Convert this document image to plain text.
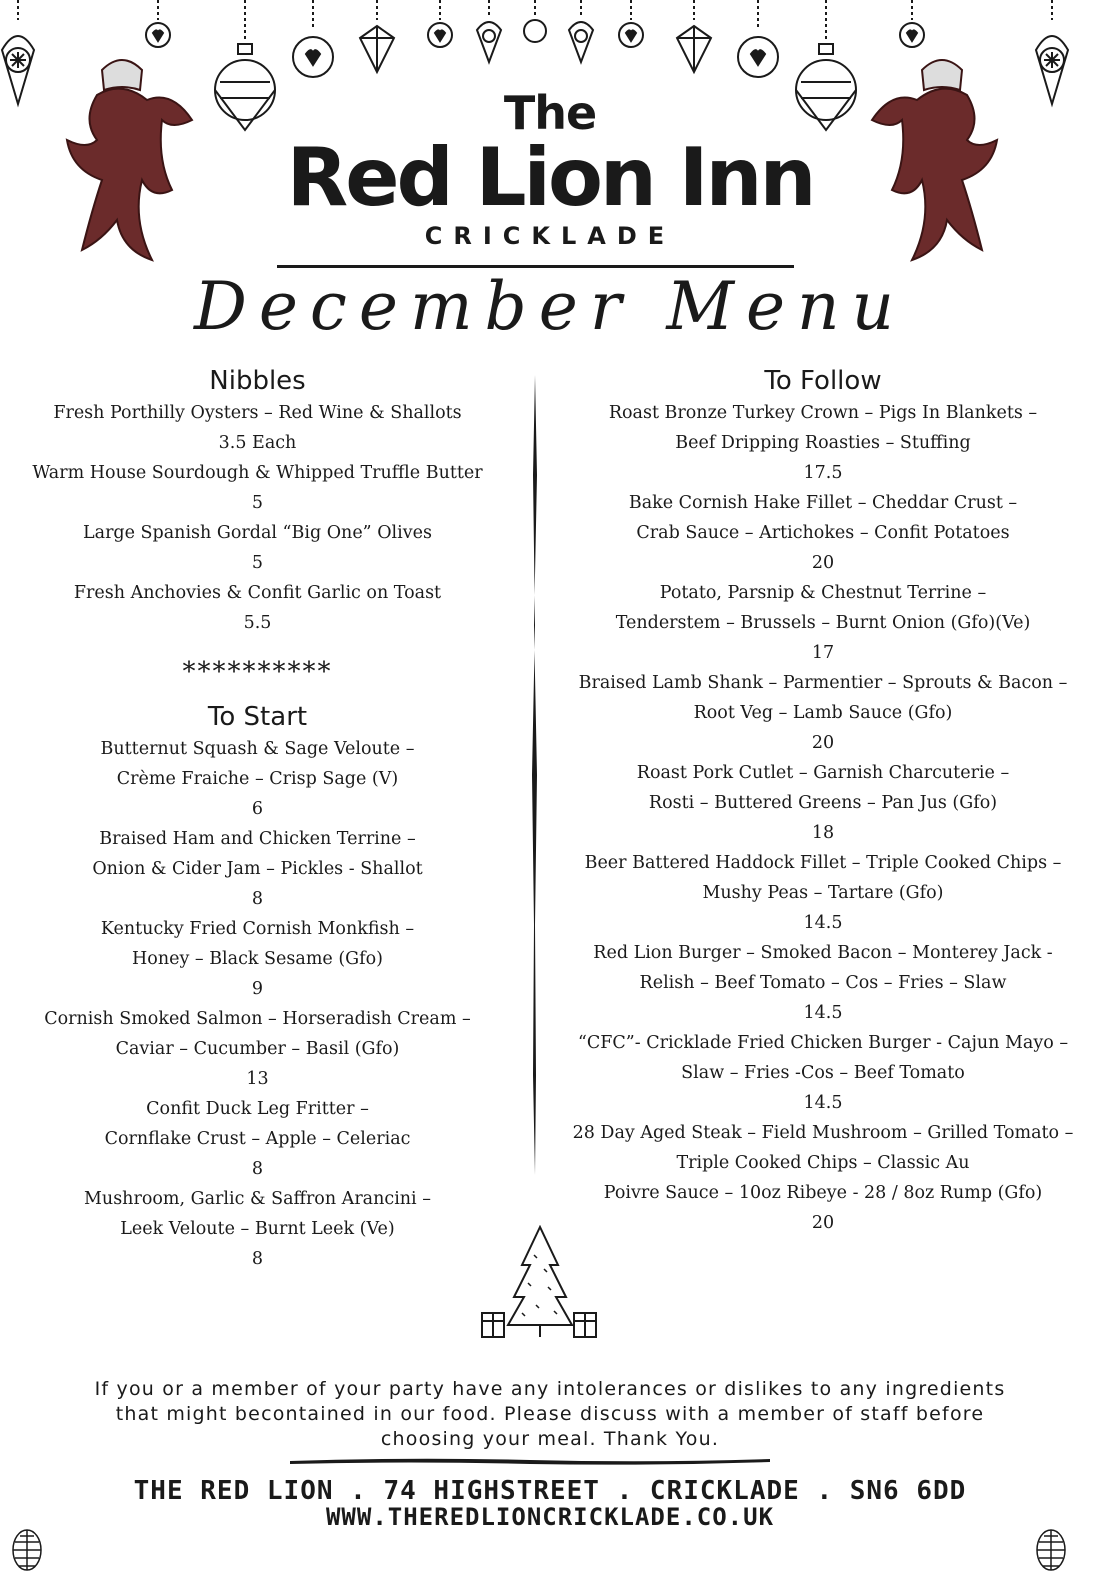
The
Red Lion Inn
CRICKLADE
December Menu
Nibbles
Fresh Porthilly Oysters – Red Wine & Shallots
3.5 Each
Warm House Sourdough & Whipped Truffle Butter
5
Large Spanish Gordal “Big One” Olives
5
Fresh Anchovies & Confit Garlic on Toast
5.5
**********
To Start
Butternut Squash & Sage Veloute –
Crème Fraiche – Crisp Sage (V)
6
Braised Ham and Chicken Terrine –
Onion & Cider Jam – Pickles - Shallot
8
Kentucky Fried Cornish Monkfish –
Honey – Black Sesame (Gfo)
9
Cornish Smoked Salmon – Horseradish Cream –
Caviar – Cucumber – Basil (Gfo)
13
Confit Duck Leg Fritter –
Cornflake Crust – Apple – Celeriac
8
Mushroom, Garlic & Saffron Arancini –
Leek Veloute – Burnt Leek (Ve)
8
To Follow
Roast Bronze Turkey Crown – Pigs In Blankets –
Beef Dripping Roasties – Stuffing
17.5
Bake Cornish Hake Fillet – Cheddar Crust –
Crab Sauce – Artichokes – Confit Potatoes
20
Potato, Parsnip & Chestnut Terrine –
Tenderstem – Brussels – Burnt Onion (Gfo)(Ve)
17
Braised Lamb Shank – Parmentier – Sprouts & Bacon –
Root Veg – Lamb Sauce (Gfo)
20
Roast Pork Cutlet – Garnish Charcuterie –
Rosti – Buttered Greens – Pan Jus (Gfo)
18
Beer Battered Haddock Fillet – Triple Cooked Chips –
Mushy Peas – Tartare (Gfo)
14.5
Red Lion Burger – Smoked Bacon – Monterey Jack -
Relish – Beef Tomato – Cos – Fries – Slaw
14.5
“CFC”- Cricklade Fried Chicken Burger - Cajun Mayo –
Slaw – Fries -Cos – Beef Tomato
14.5
28 Day Aged Steak – Field Mushroom – Grilled Tomato –
Triple Cooked Chips – Classic Au
Poivre Sauce – 10oz Ribeye - 28 / 8oz Rump (Gfo)
20
If you or a member of your party have any intolerances or dislikes to any ingredients
that might becontained in our food. Please discuss with a member of staff before
choosing your meal. Thank You.
THE RED LION . 74 HIGHSTREET . CRICKLADE . SN6 6DD
WWW.THEREDLIONCRICKLADE.CO.UK
